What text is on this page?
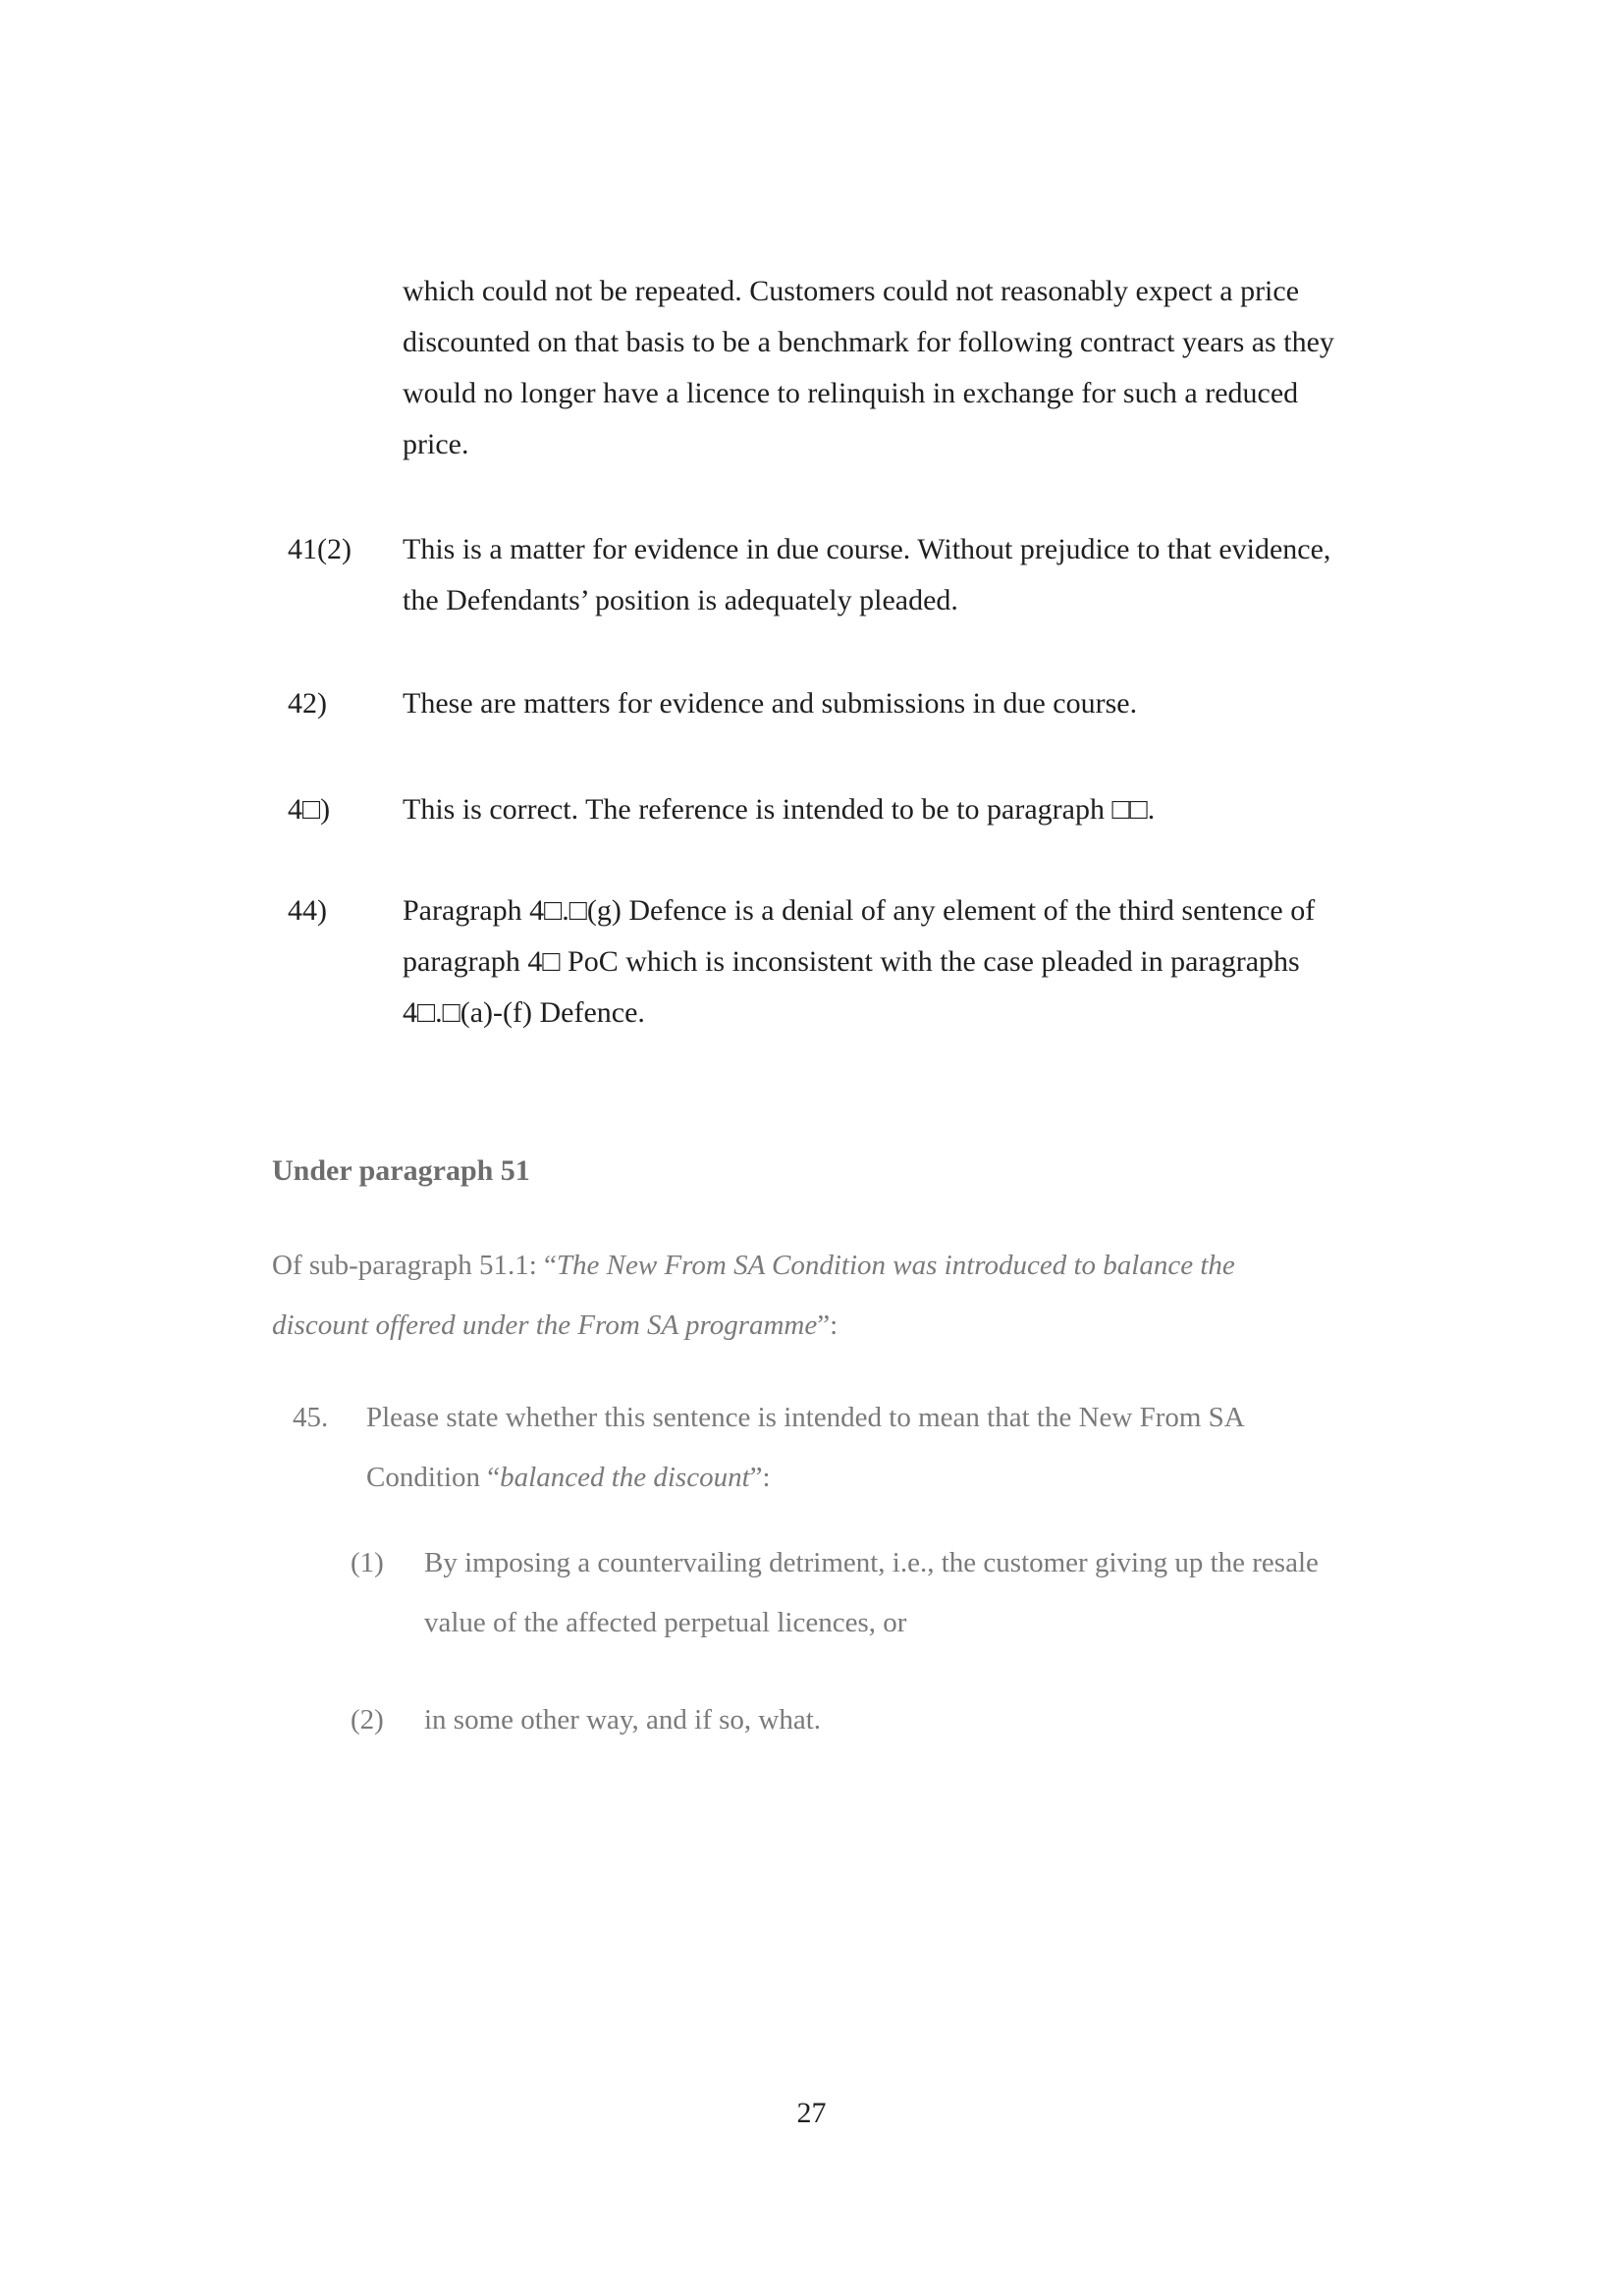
which could not be repeated. Customers could not reasonably expect a price
discounted on that basis to be a benchmark for following contract years as they
would no longer have a licence to relinquish in exchange for such a reduced
price.
41(2)	This is a matter for evidence in due course. Without prejudice to that evidence,
the Defendants’ position is adequately pleaded.
42)	These are matters for evidence and submissions in due course.
4□)	This is correct. The reference is intended to be to paragraph □□.
44)	Paragraph 4□.□(g) Defence is a denial of any element of the third sentence of
paragraph 4□ PoC which is inconsistent with the case pleaded in paragraphs
4□.□(a)-(f) Defence.
Under paragraph 51
Of sub-paragraph 51.1: “The New From SA Condition was introduced to balance the
discount offered under the From SA programme”:
45.	Please state whether this sentence is intended to mean that the New From SA
Condition “balanced the discount”:
(1)	By imposing a countervailing detriment, i.e., the customer giving up the resale
value of the affected perpetual licences, or
(2)	in some other way, and if so, what.
27
